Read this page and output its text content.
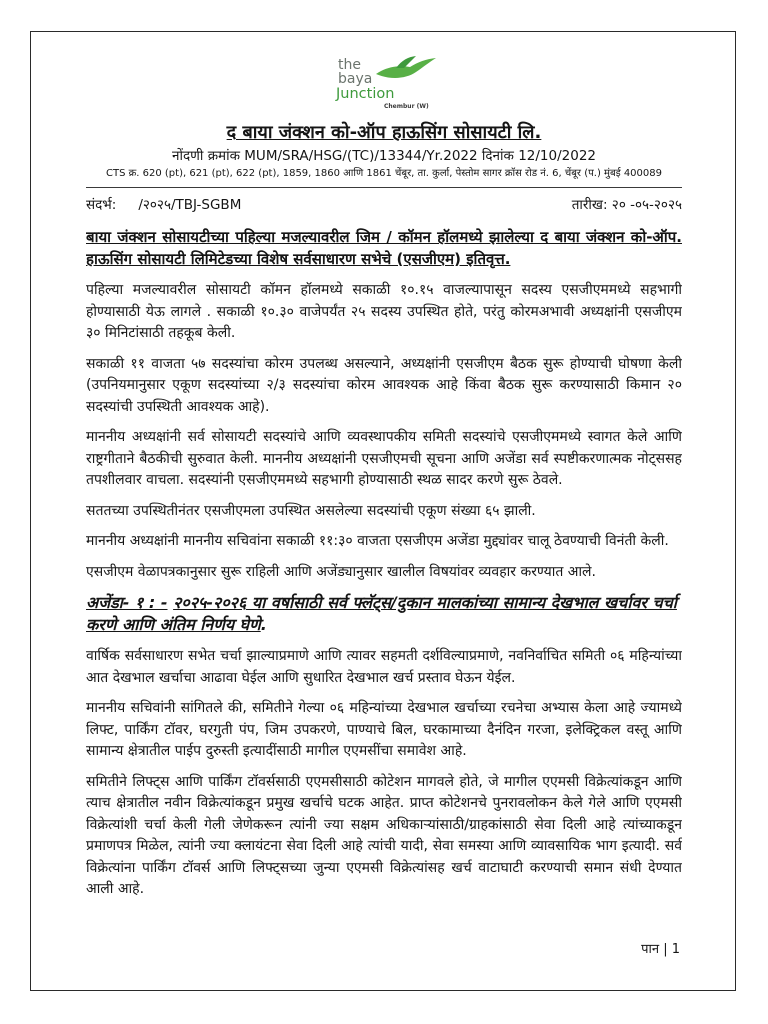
the
baya
Junction
Chembur (W)
द बाया जंक्शन को-ऑप हाऊसिंग सोसायटी लि.
नोंदणी क्रमांक MUM/SRA/HSG/(TC)/13344/Yr.2022 दिनांक 12/10/2022
CTS क्र. 620 (pt), 621 (pt), 622 (pt), 1859, 1860 आणि 1861 चेंबूर, ता. कुर्ला, पेस्तोम सागर क्रॉस रोड नं. 6, चेंबूर (प.) मुंबई 400089
संदर्भ: /२०२५/TBJ-SGBM	तारीख: २० -०५-२०२५

बाया जंक्शन सोसायटीच्या पहिल्या मजल्यावरील जिम / कॉमन हॉलमध्ये झालेल्या द बाया जंक्शन को-ऑप. हाऊसिंग सोसायटी लिमिटेडच्या विशेष सर्वसाधारण सभेचे (एसजीएम) इतिवृत्त.

पहिल्या मजल्यावरील सोसायटी कॉमन हॉलमध्ये सकाळी १०.१५ वाजल्यापासून सदस्य एसजीएममध्ये सहभागी होण्यासाठी येऊ लागले . सकाळी १०.३० वाजेपर्यंत २५ सदस्य उपस्थित होते, परंतु कोरमअभावी अध्यक्षांनी एसजीएम ३० मिनिटांसाठी तहकूब केली.

सकाळी ११ वाजता ५७ सदस्यांचा कोरम उपलब्ध असल्याने, अध्यक्षांनी एसजीएम बैठक सुरू होण्याची घोषणा केली (उपनियमानुसार एकूण सदस्यांच्या २/३ सदस्यांचा कोरम आवश्यक आहे किंवा बैठक सुरू करण्यासाठी किमान २० सदस्यांची उपस्थिती आवश्यक आहे).

माननीय अध्यक्षांनी सर्व सोसायटी सदस्यांचे आणि व्यवस्थापकीय समिती सदस्यांचे एसजीएममध्ये स्वागत केले आणि राष्ट्रगीताने बैठकीची सुरुवात केली. माननीय अध्यक्षांनी एसजीएमची सूचना आणि अजेंडा सर्व स्पष्टीकरणात्मक नोट्ससह तपशीलवार वाचला. सदस्यांनी एसजीएममध्ये सहभागी होण्यासाठी स्थळ सादर करणे सुरू ठेवले.

सततच्या उपस्थितीनंतर एसजीएमला उपस्थित असलेल्या सदस्यांची एकूण संख्या ६५ झाली.

माननीय अध्यक्षांनी माननीय सचिवांना सकाळी ११:३० वाजता एसजीएम अजेंडा मुद्द्यांवर चालू ठेवण्याची विनंती केली.

एसजीएम वेळापत्रकानुसार सुरू राहिली आणि अजेंड्यानुसार खालील विषयांवर व्यवहार करण्यात आले.

अजेंडा- १ : - २०२५-२०२६ या वर्षासाठी सर्व फ्लॅट्स/दुकान मालकांच्या सामान्य देखभाल खर्चावर चर्चा करणे आणि अंतिम निर्णय घेणे.

वार्षिक सर्वसाधारण सभेत चर्चा झाल्याप्रमाणे आणि त्यावर सहमती दर्शविल्याप्रमाणे, नवनिर्वाचित समिती ०६ महिन्यांच्या आत देखभाल खर्चाचा आढावा घेईल आणि सुधारित देखभाल खर्च प्रस्ताव घेऊन येईल.

माननीय सचिवांनी सांगितले की, समितीने गेल्या ०६ महिन्यांच्या देखभाल खर्चाच्या रचनेचा अभ्यास केला आहे ज्यामध्ये लिफ्ट, पार्किंग टॉवर, घरगुती पंप, जिम उपकरणे, पाण्याचे बिल, घरकामाच्या दैनंदिन गरजा, इलेक्ट्रिकल वस्तू आणि सामान्य क्षेत्रातील पाईप दुरुस्ती इत्यादींसाठी मागील एएमसींचा समावेश आहे.

समितीने लिफ्ट्स आणि पार्किंग टॉवर्ससाठी एएमसीसाठी कोटेशन मागवले होते, जे मागील एएमसी विक्रेत्यांकडून आणि त्याच क्षेत्रातील नवीन विक्रेत्यांकडून प्रमुख खर्चाचे घटक आहेत. प्राप्त कोटेशनचे पुनरावलोकन केले गेले आणि एएमसी विक्रेत्यांशी चर्चा केली गेली जेणेकरून त्यांनी ज्या सक्षम अधिकाऱ्यांसाठी/ग्राहकांसाठी सेवा दिली आहे त्यांच्याकडून प्रमाणपत्र मिळेल, त्यांनी ज्या क्लायंटना सेवा दिली आहे त्यांची यादी, सेवा समस्या आणि व्यावसायिक भाग इत्यादी. सर्व विक्रेत्यांना पार्किंग टॉवर्स आणि लिफ्ट्सच्या जुन्या एएमसी विक्रेत्यांसह खर्च वाटाघाटी करण्याची समान संधी देण्यात आली आहे.

पान | 1
